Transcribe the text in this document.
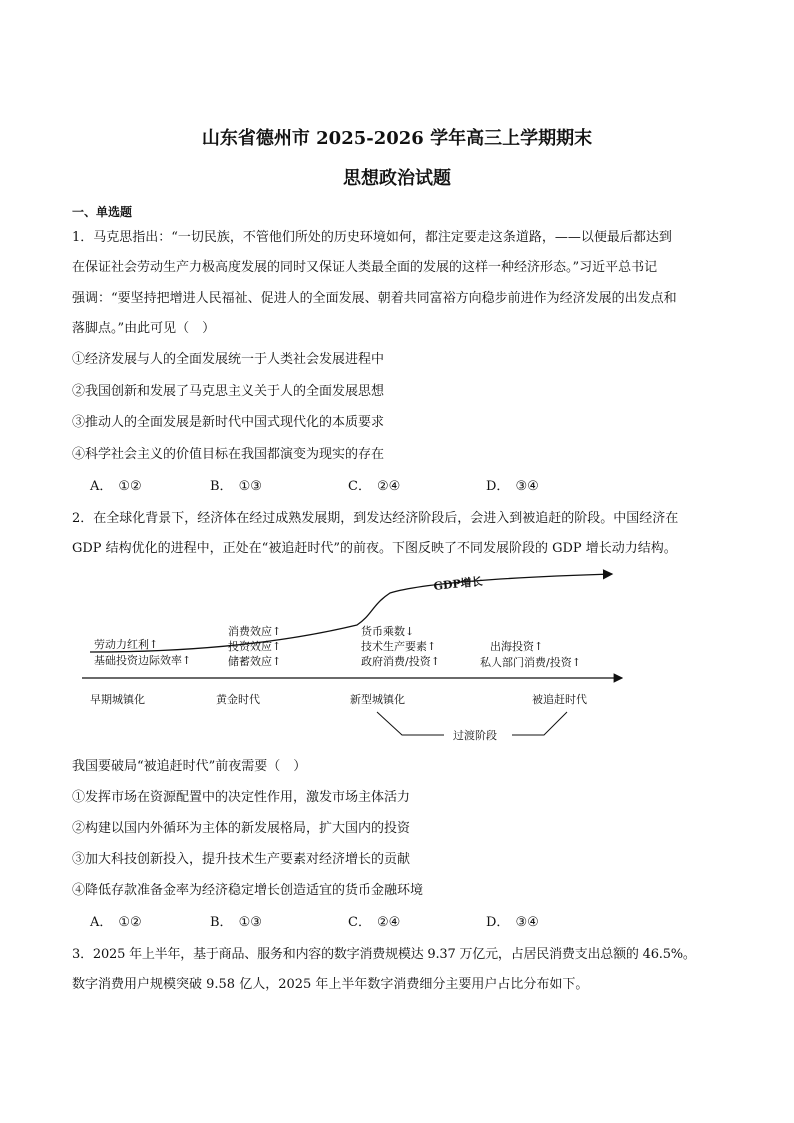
山东省德州市 2025-2026 学年高三上学期期末
思想政治试题

一、单选题

1．马克思指出：“一切民族，不管他们所处的历史环境如何，都注定要走这条道路，——以便最后都达到

在保证社会劳动生产力极高度发展的同时又保证人类最全面的发展的这样一种经济形态。”习近平总书记

强调：“要坚持把增进人民福祉、促进人的全面发展、朝着共同富裕方向稳步前进作为经济发展的出发点和

落脚点。”由此可见（　）

①经济发展与人的全面发展统一于人类社会发展进程中

②我国创新和发展了马克思主义关于人的全面发展思想

③推动人的全面发展是新时代中国式现代化的本质要求

④科学社会主义的价值目标在我国都演变为现实的存在

A． ①②	B． ①③	C． ②④	D． ③④

2．在全球化背景下，经济体在经过成熟发展期，到发达经济阶段后，会进入到被追赶的阶段。中国经济在

GDP 结构优化的进程中，正处在“被追赶时代”的前夜。下图反映了不同发展阶段的 GDP 增长动力结构。

GDP增长
劳动力红利↑
基础投资边际效率↑
消费效应↑
投资效应↑
储蓄效应↑
货币乘数↓
技术生产要素↑
政府消费/投资↑
出海投资↑
私人部门消费/投资↑
早期城镇化	黄金时代	新型城镇化	被追赶时代
过渡阶段

我国要破局“被追赶时代”前夜需要（　）

①发挥市场在资源配置中的决定性作用，激发市场主体活力

②构建以国内外循环为主体的新发展格局，扩大国内的投资

③加大科技创新投入，提升技术生产要素对经济增长的贡献

④降低存款准备金率为经济稳定增长创造适宜的货币金融环境

A． ①②	B． ①③	C． ②④	D． ③④

3．2025 年上半年，基于商品、服务和内容的数字消费规模达 9.37 万亿元，占居民消费支出总额的 46.5%。

数字消费用户规模突破 9.58 亿人，2025 年上半年数字消费细分主要用户占比分布如下。
